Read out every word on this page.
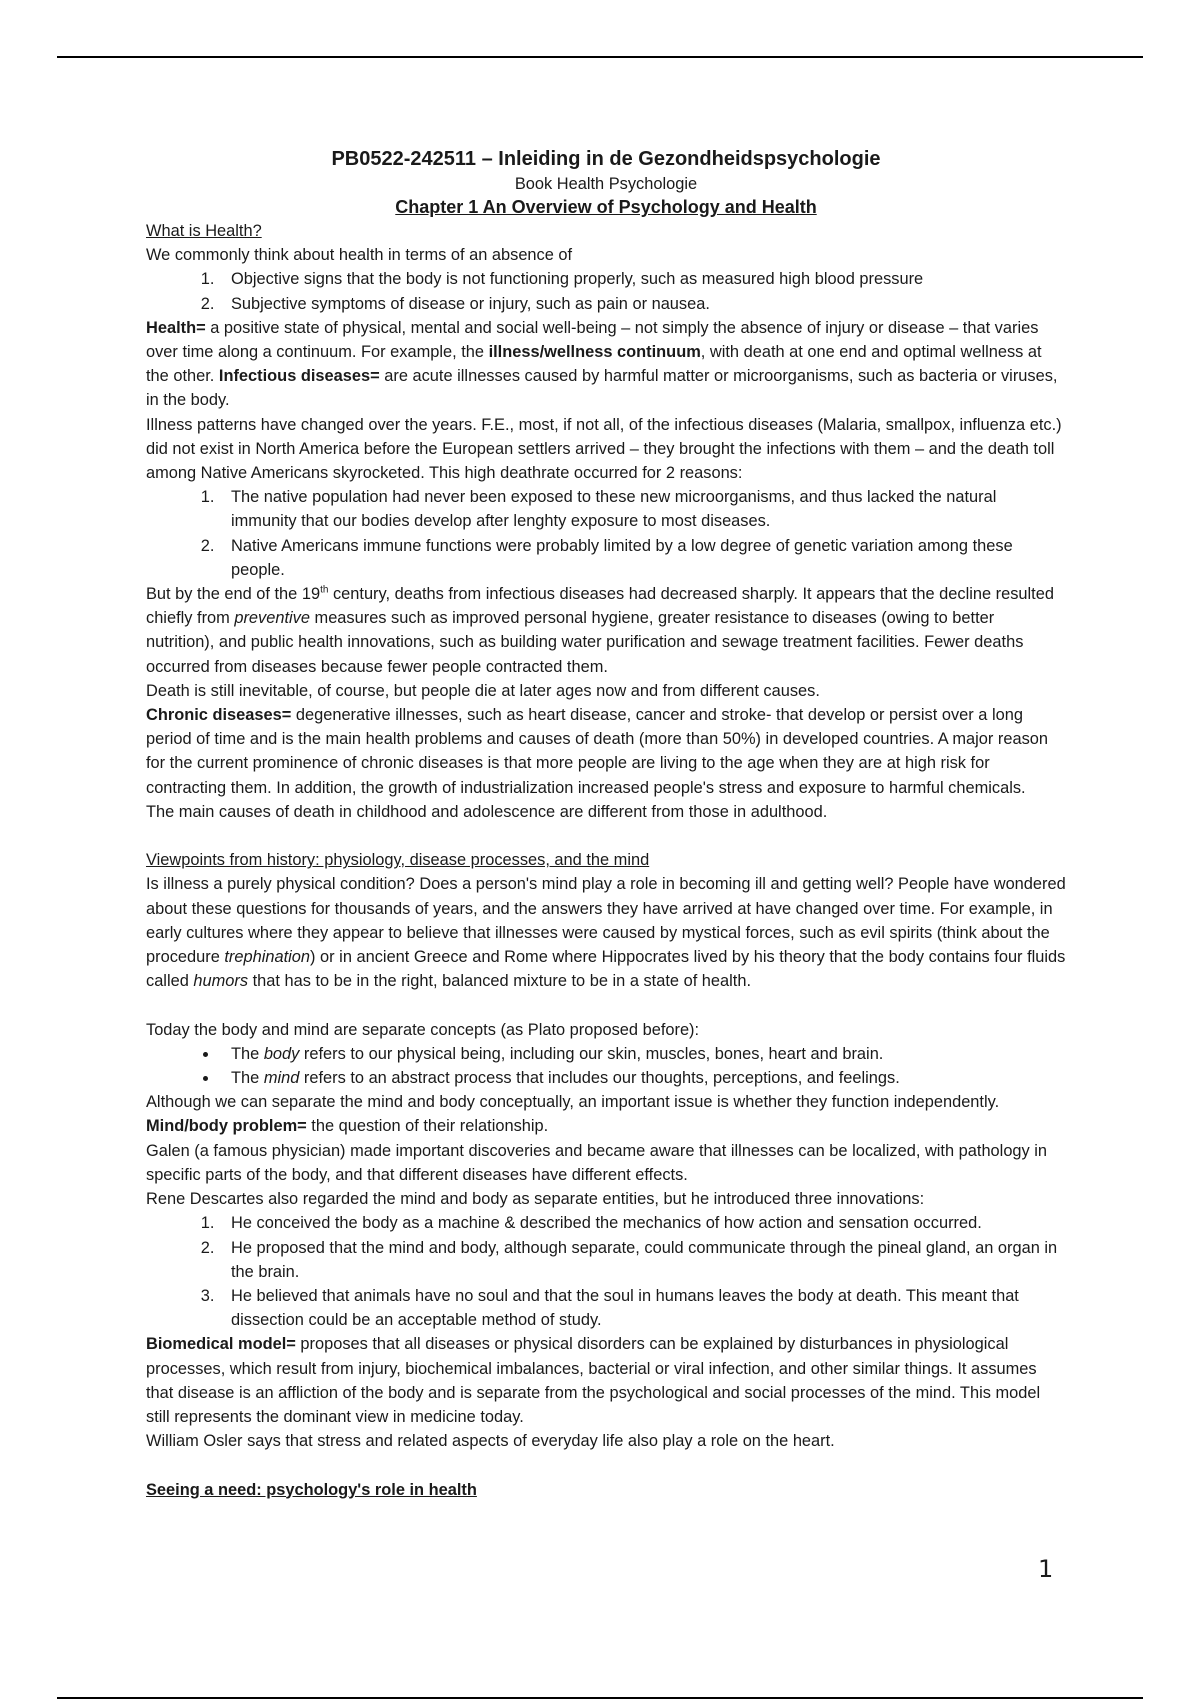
PB0522-242511 – Inleiding in de Gezondheidspsychologie

Book Health Psychologie

Chapter 1 An Overview of Psychology and Health

What is Health?

We commonly think about health in terms of an absence of

1. Objective signs that the body is not functioning properly, such as measured high blood pressure
2. Subjective symptoms of disease or injury, such as pain or nausea.

Health= a positive state of physical, mental and social well-being – not simply the absence of injury or disease – that varies over time along a continuum. For example, the illness/wellness continuum, with death at one end and optimal wellness at the other. Infectious diseases= are acute illnesses caused by harmful matter or microorganisms, such as bacteria or viruses, in the body.

Illness patterns have changed over the years. F.E., most, if not all, of the infectious diseases (Malaria, smallpox, influenza etc.) did not exist in North America before the European settlers arrived – they brought the infections with them – and the death toll among Native Americans skyrocketed. This high deathrate occurred for 2 reasons:

1. The native population had never been exposed to these new microorganisms, and thus lacked the natural immunity that our bodies develop after lenghty exposure to most diseases.
2. Native Americans immune functions were probably limited by a low degree of genetic variation among these people.

But by the end of the 19th century, deaths from infectious diseases had decreased sharply. It appears that the decline resulted chiefly from preventive measures such as improved personal hygiene, greater resistance to diseases (owing to better nutrition), and public health innovations, such as building water purification and sewage treatment facilities. Fewer deaths occurred from diseases because fewer people contracted them.

Death is still inevitable, of course, but people die at later ages now and from different causes.

Chronic diseases= degenerative illnesses, such as heart disease, cancer and stroke- that develop or persist over a long period of time and is the main health problems and causes of death (more than 50%) in developed countries. A major reason for the current prominence of chronic diseases is that more people are living to the age when they are at high risk for contracting them. In addition, the growth of industrialization increased people's stress and exposure to harmful chemicals.

The main causes of death in childhood and adolescence are different from those in adulthood.

Viewpoints from history: physiology, disease processes, and the mind

Is illness a purely physical condition? Does a person's mind play a role in becoming ill and getting well? People have wondered about these questions for thousands of years, and the answers they have arrived at have changed over time. For example, in early cultures where they appear to believe that illnesses were caused by mystical forces, such as evil spirits (think about the procedure trephination) or in ancient Greece and Rome where Hippocrates lived by his theory that the body contains four fluids called humors that has to be in the right, balanced mixture to be in a state of health.

Today the body and mind are separate concepts (as Plato proposed before):

• The body refers to our physical being, including our skin, muscles, bones, heart and brain.
• The mind refers to an abstract process that includes our thoughts, perceptions, and feelings.

Although we can separate the mind and body conceptually, an important issue is whether they function independently. Mind/body problem= the question of their relationship.

Galen (a famous physician) made important discoveries and became aware that illnesses can be localized, with pathology in specific parts of the body, and that different diseases have different effects.

Rene Descartes also regarded the mind and body as separate entities, but he introduced three innovations:

1. He conceived the body as a machine & described the mechanics of how action and sensation occurred.
2. He proposed that the mind and body, although separate, could communicate through the pineal gland, an organ in the brain.
3. He believed that animals have no soul and that the soul in humans leaves the body at death. This meant that dissection could be an acceptable method of study.

Biomedical model= proposes that all diseases or physical disorders can be explained by disturbances in physiological processes, which result from injury, biochemical imbalances, bacterial or viral infection, and other similar things. It assumes that disease is an affliction of the body and is separate from the psychological and social processes of the mind. This model still represents the dominant view in medicine today.

William Osler says that stress and related aspects of everyday life also play a role on the heart.

Seeing a need: psychology's role in health

1
